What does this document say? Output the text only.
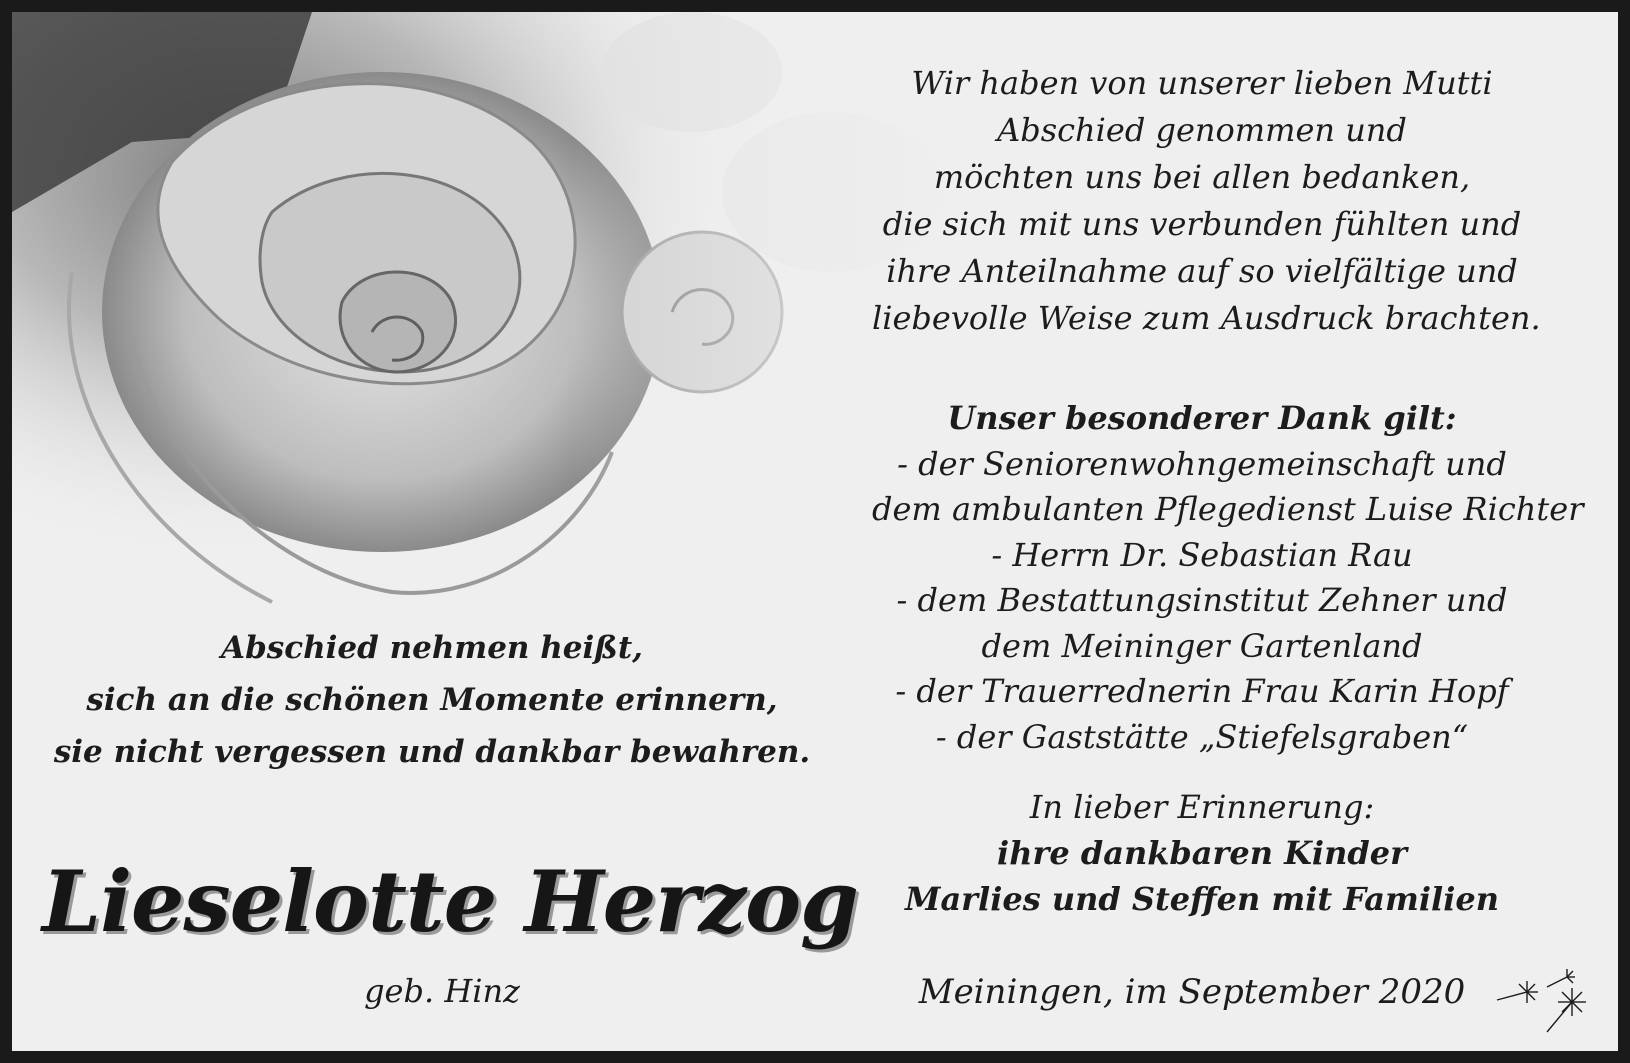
Wir haben von unserer lieben Mutti
Abschied genommen und
möchten uns bei allen bedanken,
die sich mit uns verbunden fühlten und
ihre Anteilnahme auf so vielfältige und
liebevolle Weise zum Ausdruck brachten.
Unser besonderer Dank gilt:
- der Seniorenwohngemeinschaft und
dem ambulanten Pflegedienst Luise Richter
- Herrn Dr. Sebastian Rau
- dem Bestattungsinstitut Zehner und
dem Meininger Gartenland
- der Trauerrednerin Frau Karin Hopf
- der Gaststätte „Stiefelsgraben“
In lieber Erinnerung:
ihre dankbaren Kinder
Marlies und Steffen mit Familien
Abschied nehmen heißt,
sich an die schönen Momente erinnern,
sie nicht vergessen und dankbar bewahren.
Lieselotte Herzog
geb. Hinz	Meiningen, im September 2020
